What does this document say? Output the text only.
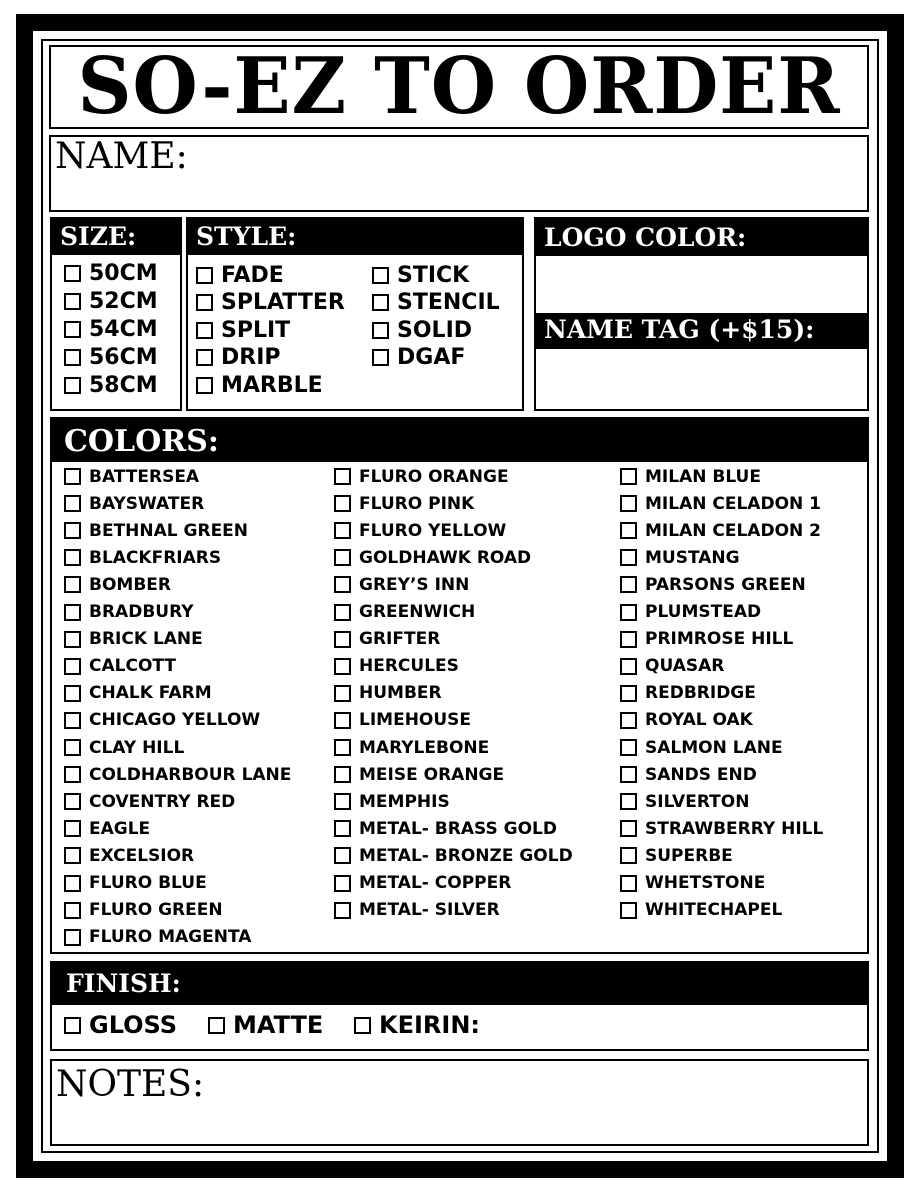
SO-EZ TO ORDER
NAME:
SIZE:
50CM
52CM
54CM
56CM
58CM
STYLE:
FADE
SPLATTER
SPLIT
DRIP
MARBLE
STICK
STENCIL
SOLID
DGAF
LOGO COLOR:
NAME TAG (+$15):
COLORS:
BATTERSEA
BAYSWATER
BETHNAL GREEN
BLACKFRIARS
BOMBER
BRADBURY
BRICK LANE
CALCOTT
CHALK FARM
CHICAGO YELLOW
CLAY HILL
COLDHARBOUR LANE
COVENTRY RED
EAGLE
EXCELSIOR
FLURO BLUE
FLURO GREEN
FLURO MAGENTA
FLURO ORANGE
FLURO PINK
FLURO YELLOW
GOLDHAWK ROAD
GREY’S INN
GREENWICH
GRIFTER
HERCULES
HUMBER
LIMEHOUSE
MARYLEBONE
MEISE ORANGE
MEMPHIS
METAL- BRASS GOLD
METAL- BRONZE GOLD
METAL- COPPER
METAL- SILVER
MILAN BLUE
MILAN CELADON 1
MILAN CELADON 2
MUSTANG
PARSONS GREEN
PLUMSTEAD
PRIMROSE HILL
QUASAR
REDBRIDGE
ROYAL OAK
SALMON LANE
SANDS END
SILVERTON
STRAWBERRY HILL
SUPERBE
WHETSTONE
WHITECHAPEL
FINISH:
GLOSS MATTE KEIRIN:
NOTES:
